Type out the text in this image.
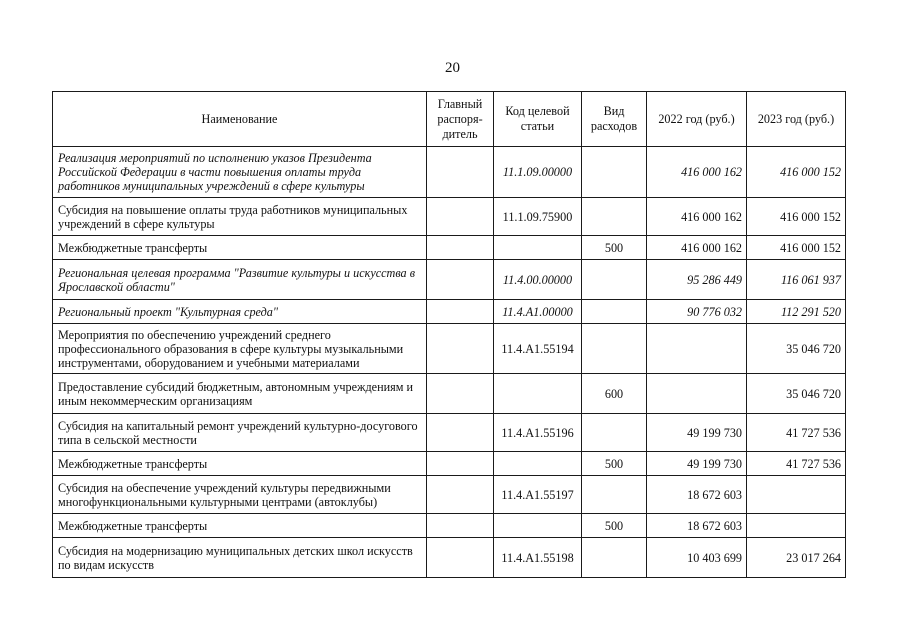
20
Наименование	Главный распоря-дитель	Код целевой статьи	Вид расходов	2022 год (руб.)	2023 год (руб.)
Реализация мероприятий по исполнению указов Президента Российской Федерации в части повышения оплаты труда работников муниципальных учреждений в сфере культуры		11.1.09.00000		416 000 162	416 000 152
Субсидия на повышение оплаты труда работников муниципальных учреждений в сфере культуры		11.1.09.75900		416 000 162	416 000 152
Межбюджетные трансферты			500	416 000 162	416 000 152
Региональная целевая программа "Развитие культуры и искусства в Ярославской области"		11.4.00.00000		95 286 449	116 061 937
Региональный проект "Культурная среда"		11.4.А1.00000		90 776 032	112 291 520
Мероприятия по обеспечению учреждений среднего профессионального образования в сфере культуры музыкальными инструментами, оборудованием и учебными материалами		11.4.А1.55194			35 046 720
Предоставление субсидий бюджетным, автономным учреждениям и иным некоммерческим организациям			600		35 046 720
Субсидия на капитальный ремонт учреждений культурно-досугового типа в сельской местности		11.4.А1.55196		49 199 730	41 727 536
Межбюджетные трансферты			500	49 199 730	41 727 536
Субсидия на обеспечение учреждений культуры передвижными многофункциональными культурными центрами (автоклубы)		11.4.А1.55197		18 672 603	
Межбюджетные трансферты			500	18 672 603	
Субсидия на модернизацию муниципальных детских школ искусств по видам искусств		11.4.А1.55198		10 403 699	23 017 264
